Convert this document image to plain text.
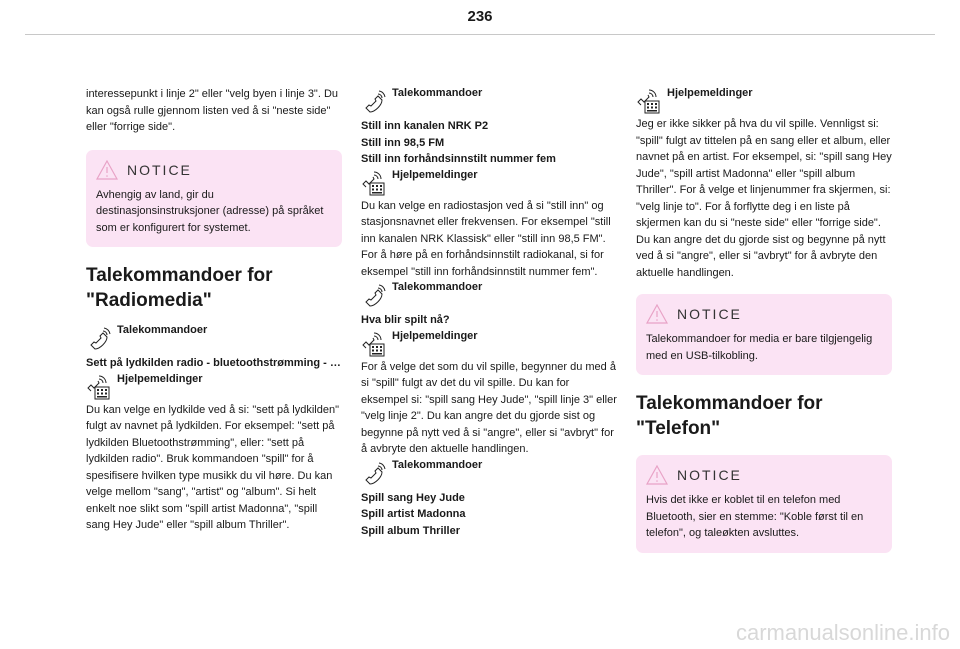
236

interessepunkt i linje 2" eller "velg byen i linje 3". Du kan også rulle gjennom listen ved å si "neste side" eller "forrige side".

NOTICE

Avhengig av land, gir du destinasjonsinstruksjoner (adresse) på språket som er konfigurert for systemet.

Talekommandoer for "Radiomedia"
Talekommandoer

Sett på lydkilden radio - bluetoothstrømming - …

Hjelpemeldinger

Du kan velge en lydkilde ved å si: "sett på lydkilden" fulgt av navnet på lydkilden. For eksempel: "sett på lydkilden Bluetoothstrømming", eller: "sett på lydkilden radio". Bruk kommandoen "spill" for å spesifisere hvilken type musikk du vil høre. Du kan velge mellom "sang", "artist" og "album". Si helt enkelt noe slikt som "spill artist Madonna", "spill sang Hey Jude" eller "spill album Thriller".

Talekommandoer

Still inn kanalen NRK P2

Still inn 98,5 FM

Still inn forhåndsinnstilt nummer fem

Hjelpemeldinger

Du kan velge en radiostasjon ved å si "still inn" og stasjonsnavnet eller frekvensen. For eksempel "still inn kanalen NRK Klassisk" eller "still inn 98,5 FM". For å høre på en forhåndsinnstilt radiokanal, si for eksempel "still inn forhåndsinnstilt nummer fem".

Talekommandoer

Hva blir spilt nå?

Hjelpemeldinger

For å velge det som du vil spille, begynner du med å si "spill" fulgt av det du vil spille. Du kan for eksempel si: "spill sang Hey Jude", "spill linje 3" eller "velg linje 2". Du kan angre det du gjorde sist og begynne på nytt ved å si "angre", eller si "avbryt" for å avbryte den aktuelle handlingen.

Talekommandoer

Spill sang Hey Jude

Spill artist Madonna

Spill album Thriller

Hjelpemeldinger

Jeg er ikke sikker på hva du vil spille. Vennligst si: "spill" fulgt av tittelen på en sang eller et album, eller navnet på en artist. For eksempel, si: "spill sang Hey Jude", "spill artist Madonna" eller "spill album Thriller". For å velge et linjenummer fra skjermen, si: "velg linje to". For å forflytte deg i en liste på skjermen kan du si "neste side" eller "forrige side". Du kan angre det du gjorde sist og begynne på nytt ved å si "angre", eller si "avbryt" for å avbryte den aktuelle handlingen.

NOTICE

Talekommandoer for media er bare tilgjengelig med en USB-tilkobling.

Talekommandoer for "Telefon"
NOTICE

Hvis det ikke er koblet til en telefon med Bluetooth, sier en stemme: "Koble først til en telefon", og taleøkten avsluttes.

carmanualsonline.info
